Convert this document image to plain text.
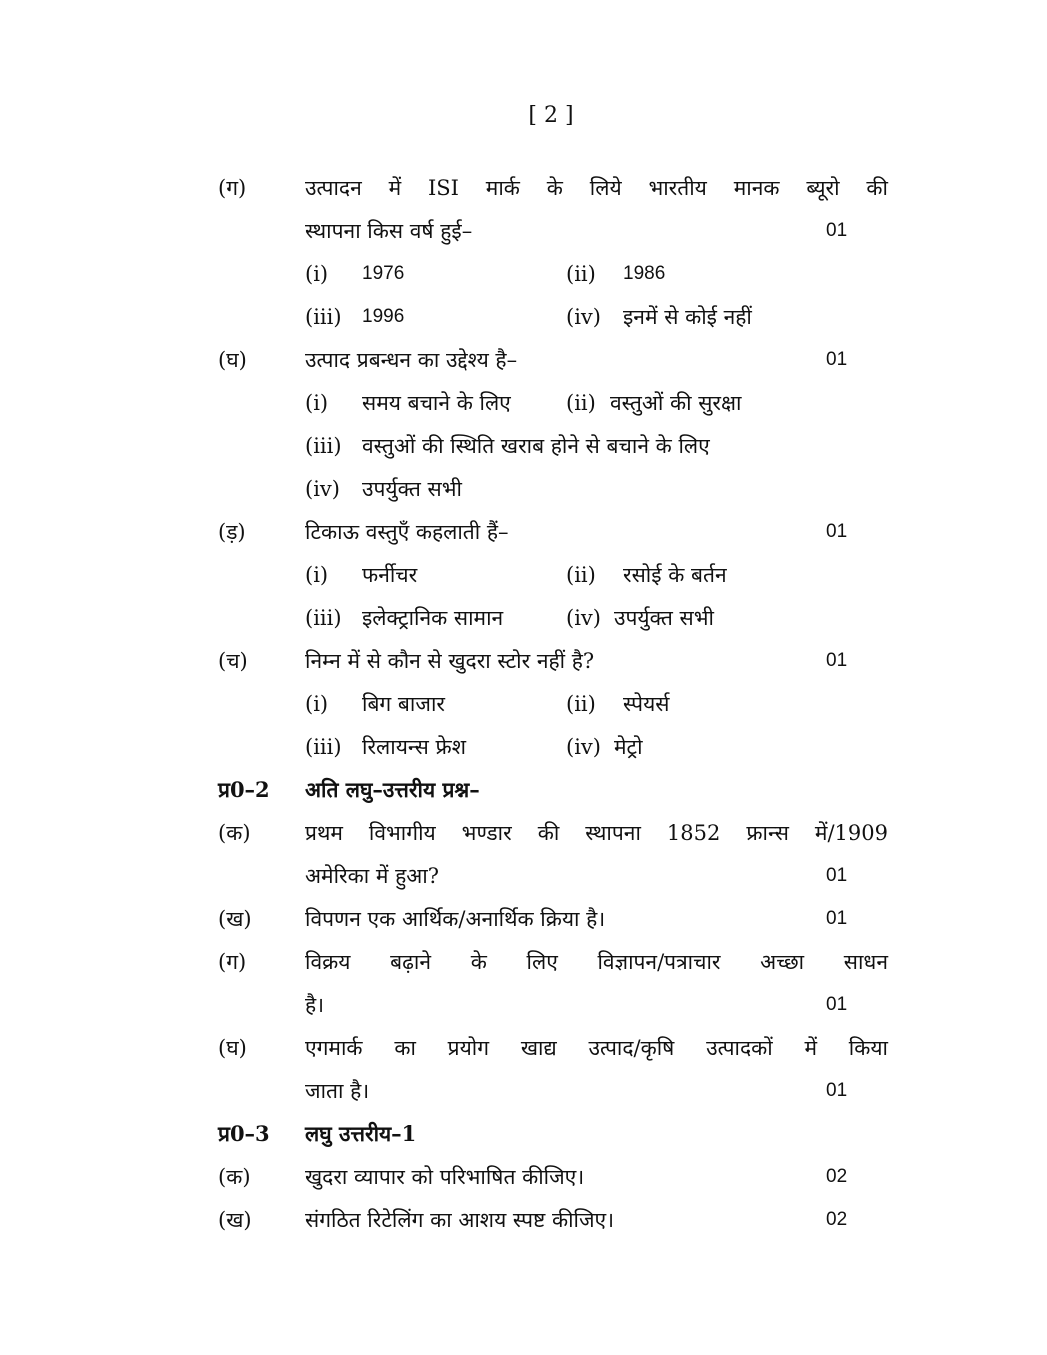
[ 2 ]
(ग)	उत्पादन में ISI मार्क के लिये भारतीय मानक ब्यूरो की
स्थापना किस वर्ष हुई–	01
(i) 1976	(ii) 1986
(iii) 1996	(iv) इनमें से कोई नहीं
(घ)	उत्पाद प्रबन्धन का उद्देश्य है–	01
(i) समय बचाने के लिए	(ii) वस्तुओं की सुरक्षा
(iii) वस्तुओं की स्थिति खराब होने से बचाने के लिए
(iv) उपर्युक्त सभी
(ड़)	टिकाऊ वस्तुएँ कहलाती हैं–	01
(i) फर्नीचर	(ii) रसोई के बर्तन
(iii) इलेक्ट्रानिक सामान	(iv) उपर्युक्त सभी
(च)	निम्न में से कौन से खुदरा स्टोर नहीं है?	01
(i) बिग बाजार	(ii) स्पेयर्स
(iii) रिलायन्स फ्रेश	(iv) मेट्रो
प्र0–2 अति लघु–उत्तरीय प्रश्न–
(क)	प्रथम विभागीय भण्डार की स्थापना 1852 फ्रान्स में/1909
अमेरिका में हुआ?	01
(ख)	विपणन एक आर्थिक/अनार्थिक क्रिया है।	01
(ग)	विक्रय बढ़ाने के लिए विज्ञापन/पत्राचार अच्छा साधन
है।	01
(घ)	एगमार्क का प्रयोग खाद्य उत्पाद/कृषि उत्पादकों में किया
जाता है।	01
प्र0–3 लघु उत्तरीय–1
(क)	खुदरा व्यापार को परिभाषित कीजिए।	02
(ख)	संगठित रिटेलिंग का आशय स्पष्ट कीजिए।	02
